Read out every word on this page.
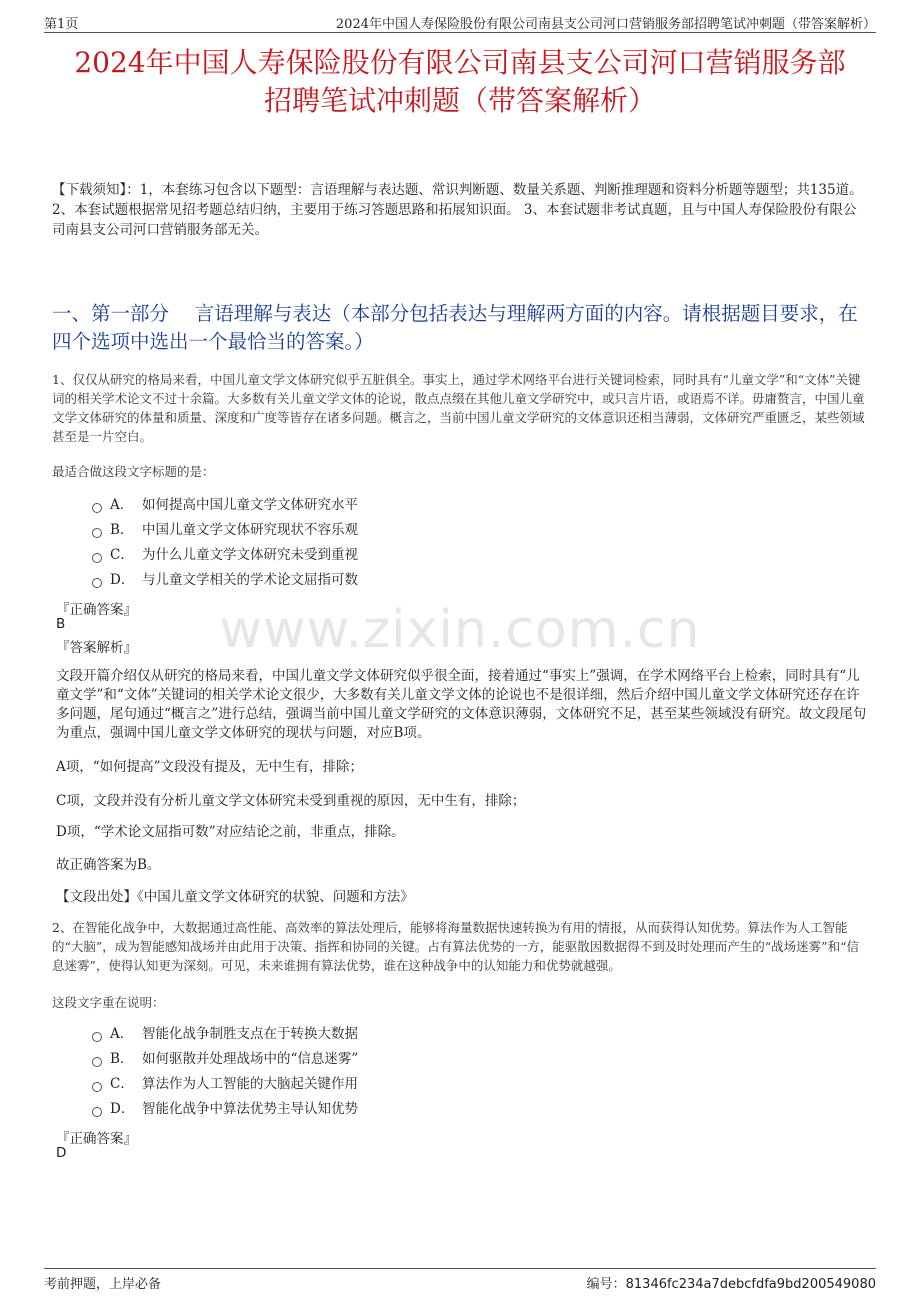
第1页	2024年中国人寿保险股份有限公司南县支公司河口营销服务部招聘笔试冲刺题（带答案解析）
2024年中国人寿保险股份有限公司南县支公司河口营销服务部
招聘笔试冲刺题（带答案解析）
【下载须知】：1，本套练习包含以下题型：言语理解与表达题、常识判断题、数量关系题、判断推理题和资料分析题等题型；共135道。 2、本套试题根据常见招考题总结归纳，主要用于练习答题思路和拓展知识面。 3、本套试题非考试真题，且与中国人寿保险股份有限公司南县支公司河口营销服务部无关。
一、第一部分　 言语理解与表达（本部分包括表达与理解两方面的内容。请根据题目要求，在四个选项中选出一个最恰当的答案。）
www.zixin.com.cn
1、仅仅从研究的格局来看，中国儿童文学文体研究似乎五脏俱全。事实上，通过学术网络平台进行关键词检索，同时具有“儿童文学”和“文体”关键词的相关学术论文不过十余篇。大多数有关儿童文学文体的论说，散点点缀在其他儿童文学研究中，或只言片语，或语焉不详。毋庸赘言，中国儿童文学文体研究的体量和质量、深度和广度等皆存在诸多问题。概言之，当前中国儿童文学研究的文体意识还相当薄弱，文体研究严重匮乏，某些领域甚至是一片空白。
最适合做这段文字标题的是：
A． 如何提高中国儿童文学文体研究水平
B． 中国儿童文学文体研究现状不容乐观
C． 为什么儿童文学文体研究未受到重视
D． 与儿童文学相关的学术论文屈指可数
『正确答案』
B
『答案解析』
文段开篇介绍仅从研究的格局来看，中国儿童文学文体研究似乎很全面，接着通过“事实上”强调，在学术网络平台上检索，同时具有“儿童文学”和“文体”关键词的相关学术论文很少，大多数有关儿童文学文体的论说也不是很详细，然后介绍中国儿童文学文体研究还存在许多问题，尾句通过“概言之”进行总结，强调当前中国儿童文学研究的文体意识薄弱，文体研究不足，甚至某些领域没有研究。故文段尾句为重点，强调中国儿童文学文体研究的现状与问题，对应B项。
A项，“如何提高”文段没有提及，无中生有，排除；
C项，文段并没有分析儿童文学文体研究未受到重视的原因，无中生有，排除；
D项，“学术论文屈指可数”对应结论之前，非重点，排除。
故正确答案为B。
【文段出处】《中国儿童文学文体研究的状貌、问题和方法》
2、在智能化战争中，大数据通过高性能、高效率的算法处理后，能够将海量数据快速转换为有用的情报，从而获得认知优势。算法作为人工智能的“大脑”，成为智能感知战场并由此用于决策、指挥和协同的关键。占有算法优势的一方，能驱散因数据得不到及时处理而产生的“战场迷雾”和“信息迷雾”，使得认知更为深刻。可见，未来谁拥有算法优势，谁在这种战争中的认知能力和优势就越强。
这段文字重在说明：
A． 智能化战争制胜支点在于转换大数据
B． 如何驱散并处理战场中的“信息迷雾”
C． 算法作为人工智能的大脑起关键作用
D． 智能化战争中算法优势主导认知优势
『正确答案』
D
考前押题，上岸必备	编号：81346fc234a7debcfdfa9bd200549080
